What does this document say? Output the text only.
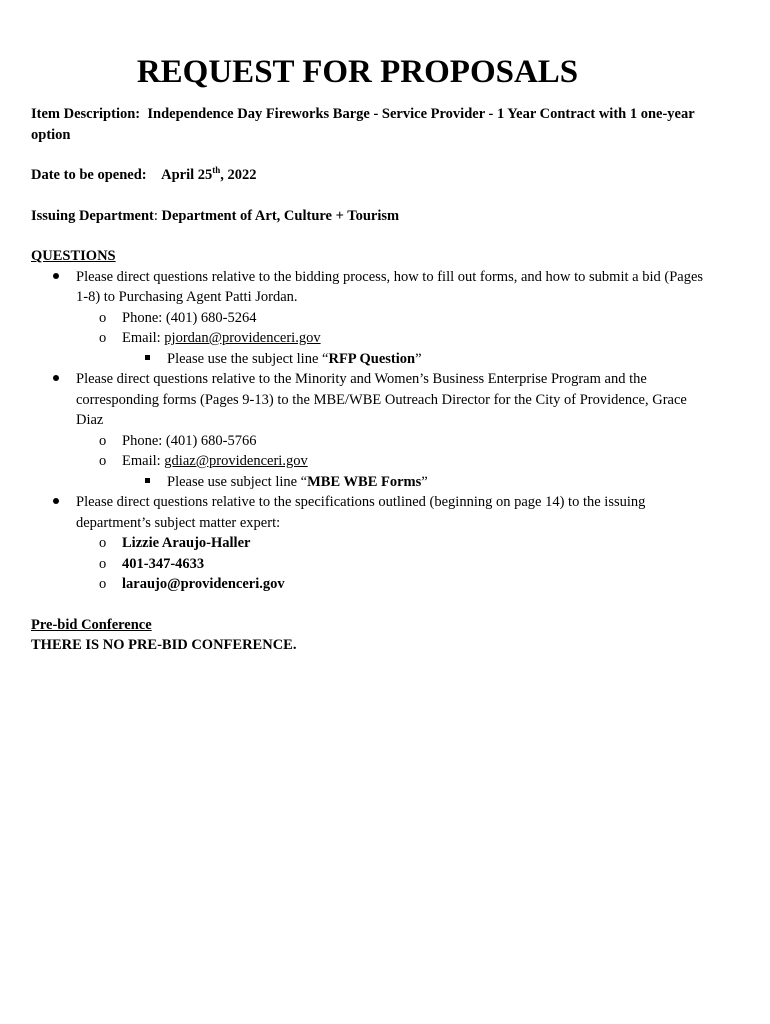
REQUEST FOR PROPOSALS

Item Description: Independence Day Fireworks Barge - Service Provider - 1 Year Contract with 1 one-year option

Date to be opened: April 25th, 2022

Issuing Department: Department of Art, Culture + Tourism

QUESTIONS

Please direct questions relative to the bidding process, how to fill out forms, and how to submit a bid (Pages 1-8) to Purchasing Agent Patti Jordan.
o	Phone: (401) 680-5264
o	Email: pjordan@providenceri.gov
Please use the subject line “RFP Question”
Please direct questions relative to the Minority and Women’s Business Enterprise Program and the corresponding forms (Pages 9-13) to the MBE/WBE Outreach Director for the City of Providence, Grace Diaz
o	Phone: (401) 680-5766
o	Email: gdiaz@providenceri.gov
Please use subject line “MBE WBE Forms”
Please direct questions relative to the specifications outlined (beginning on page 14) to the issuing department’s subject matter expert:
o	Lizzie Araujo-Haller
o	401-347-4633
o	laraujo@providenceri.gov

Pre-bid Conference

THERE IS NO PRE-BID CONFERENCE.
